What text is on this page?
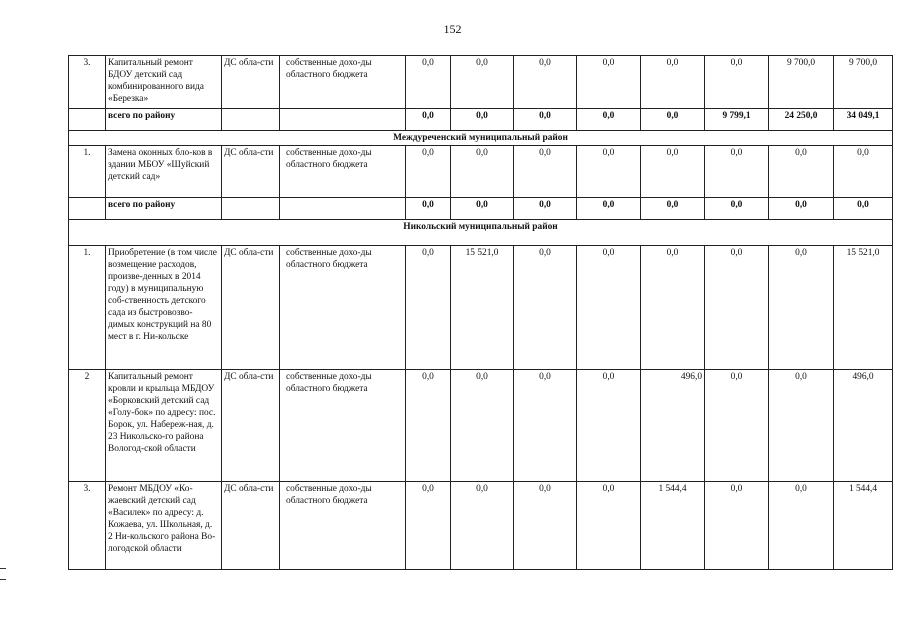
152
3.	Капитальный ремонт БДОУ детский сад комбинированного вида «Березка»	ДС обла-сти	собственные дохо-ды областного бюджета	0,0	0,0	0,0	0,0	0,0	0,0	9 700,0	9 700,0
	всего по району			0,0	0,0	0,0	0,0	0,0	9 799,1	24 250,0	34 049,1
Междуреченский муниципальный район											
1.	Замена оконных бло-ков в здании МБОУ «Шуйский детский сад»	ДС обла-сти	собственные дохо-ды областного бюджета	0,0	0,0	0,0	0,0	0,0	0,0	0,0	0,0
	всего по району			0,0	0,0	0,0	0,0	0,0	0,0	0,0	0,0
Никольский муниципальный район											
1.	Приобретение (в том числе возмещение расходов, произве-денных в 2014 году) в муниципальную соб-ственность детского сада из быстровозво-димых конструкций на 80 мест в г. Ни-кольске	ДС обла-сти	собственные дохо-ды областного бюджета	0,0	15 521,0	0,0	0,0	0,0	0,0	0,0	15 521,0
2	Капитальный ремонт кровли и крыльца МБДОУ «Борковский детский сад «Голу-бок» по адресу: пос. Борок, ул. Набереж-ная, д. 23 Никольско-го района Вологод-ской области	ДС обла-сти	собственные дохо-ды областного бюджета	0,0	0,0	0,0	0,0	496,0	0,0	0,0	496,0
3.	Ремонт МБДОУ «Ко-жаевский детский сад «Василек» по адресу: д. Кожаева, ул. Школьная, д. 2 Ни-кольского района Во-логодской области	ДС обла-сти	собственные дохо-ды областного бюджета	0,0	0,0	0,0	0,0	1 544,4	0,0	0,0	1 544,4
